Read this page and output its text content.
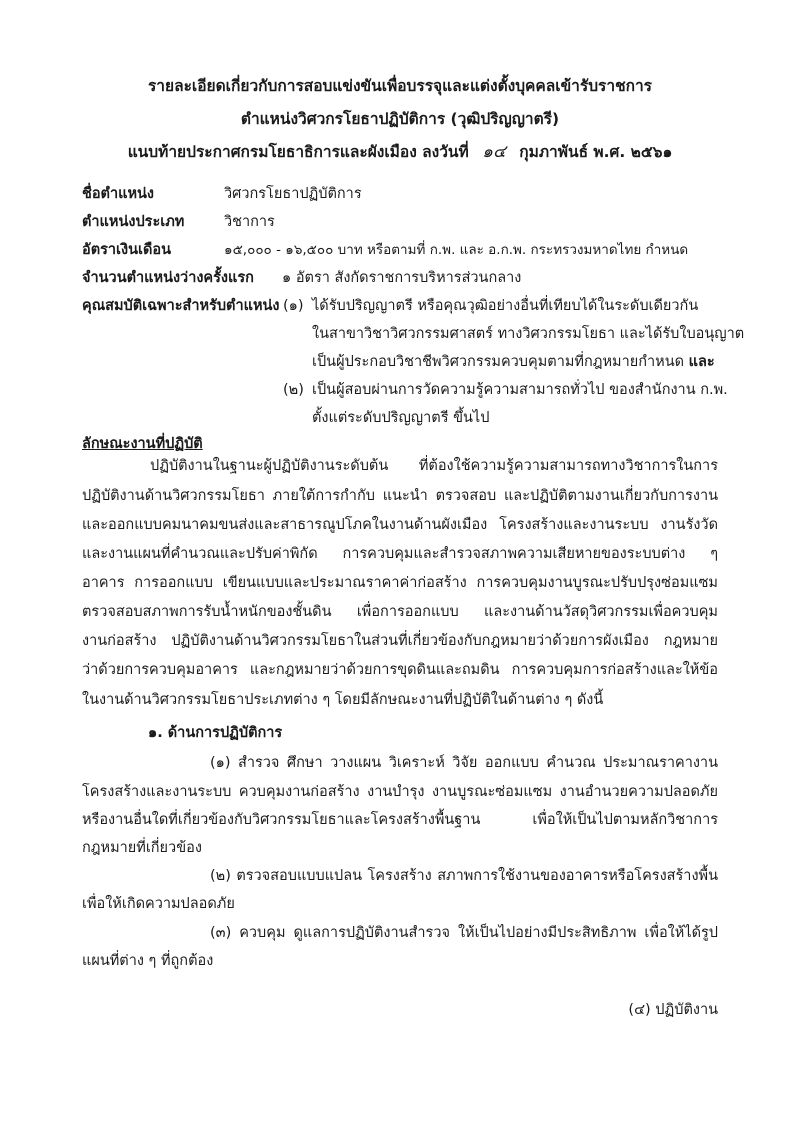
รายละเอียดเกี่ยวกับการสอบแข่งขันเพื่อบรรจุและแต่งตั้งบุคคลเข้ารับราชการ
ตำแหน่งวิศวกรโยธาปฏิบัติการ (วุฒิปริญญาตรี)
แนบท้ายประกาศกรมโยธาธิการและผังเมือง ลงวันที่ ๑๔ กุมภาพันธ์ พ.ศ. ๒๕๖๑
ชื่อตำแหน่ง	วิศวกรโยธาปฏิบัติการ
ตำแหน่งประเภท	วิชาการ
อัตราเงินเดือน	๑๕,๐๐๐ - ๑๖,๕๐๐ บาท หรือตามที่ ก.พ. และ อ.ก.พ. กระทรวงมหาดไทย กำหนด
จำนวนตำแหน่งว่างครั้งแรก ๑ อัตรา สังกัดราชการบริหารส่วนกลาง
คุณสมบัติเฉพาะสำหรับตำแหน่ง (๑) ได้รับปริญญาตรี หรือคุณวุฒิอย่างอื่นที่เทียบได้ในระดับเดียวกัน
ในสาขาวิชาวิศวกรรมศาสตร์ ทางวิศวกรรมโยธา และได้รับใบอนุญาต
เป็นผู้ประกอบวิชาชีพวิศวกรรมควบคุมตามที่กฎหมายกำหนด และ
(๒) เป็นผู้สอบผ่านการวัดความรู้ความสามารถทั่วไป ของสำนักงาน ก.พ.
ตั้งแต่ระดับปริญญาตรี ขึ้นไป
ลักษณะงานที่ปฏิบัติ
ปฏิบัติงานในฐานะผู้ปฏิบัติงานระดับต้น ที่ต้องใช้ความรู้ความสามารถทางวิชาการในการ
ปฏิบัติงานด้านวิศวกรรมโยธา ภายใต้การกำกับ แนะนำ ตรวจสอบ และปฏิบัติตามงานเกี่ยวกับการงาน
และออกแบบคมนาคมขนส่งและสาธารณูปโภคในงานด้านผังเมือง โครงสร้างและงานระบบ งานรังวัด
และงานแผนที่คำนวณและปรับค่าพิกัด การควบคุมและสำรวจสภาพความเสียหายของระบบต่าง ๆ
อาคาร การออกแบบ เขียนแบบและประมาณราคาค่าก่อสร้าง การควบคุมงานบูรณะปรับปรุงซ่อมแซม
ตรวจสอบสภาพการรับน้ำหนักของชั้นดิน เพื่อการออกแบบ และงานด้านวัสดุวิศวกรรมเพื่อควบคุม
งานก่อสร้าง ปฏิบัติงานด้านวิศวกรรมโยธาในส่วนที่เกี่ยวข้องกับกฎหมายว่าด้วยการผังเมือง กฎหมาย
ว่าด้วยการควบคุมอาคาร และกฎหมายว่าด้วยการขุดดินและถมดิน การควบคุมการก่อสร้างและให้ข้อ
ในงานด้านวิศวกรรมโยธาประเภทต่าง ๆ โดยมีลักษณะงานที่ปฏิบัติในด้านต่าง ๆ ดังนี้
๑. ด้านการปฏิบัติการ
(๑) สำรวจ ศึกษา วางแผน วิเคราะห์ วิจัย ออกแบบ คำนวณ ประมาณราคางาน
โครงสร้างและงานระบบ ควบคุมงานก่อสร้าง งานบำรุง งานบูรณะซ่อมแซม งานอำนวยความปลอดภัย
หรืองานอื่นใดที่เกี่ยวข้องกับวิศวกรรมโยธาและโครงสร้างพื้นฐาน เพื่อให้เป็นไปตามหลักวิชาการ
กฎหมายที่เกี่ยวข้อง
(๒) ตรวจสอบแบบแปลน โครงสร้าง สภาพการใช้งานของอาคารหรือโครงสร้างพื้น
เพื่อให้เกิดความปลอดภัย
(๓) ควบคุม ดูแลการปฏิบัติงานสำรวจ ให้เป็นไปอย่างมีประสิทธิภาพ เพื่อให้ได้รูป
แผนที่ต่าง ๆ ที่ถูกต้อง
(๔) ปฏิบัติงาน
